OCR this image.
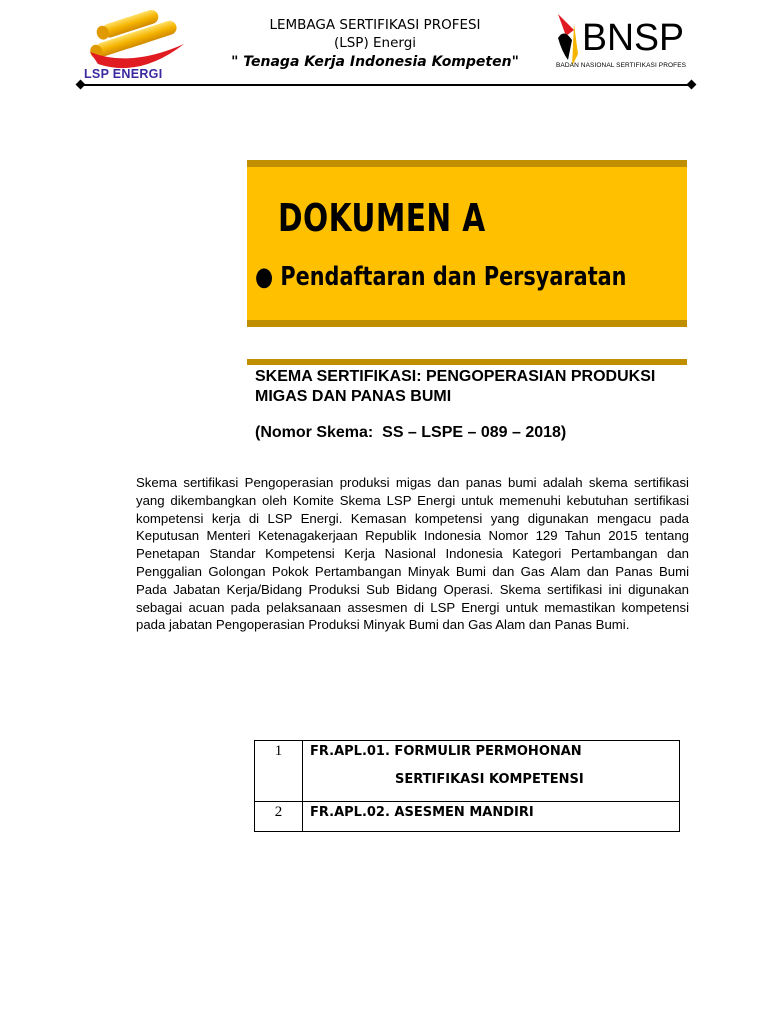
LSP ENERGI
LEMBAGA SERTIFIKASI PROFESI
(LSP) Energi
" Tenaga Kerja Indonesia Kompeten"
BNSP
BADAN NASIONAL SERTIFIKASI PROFES
DOKUMEN A
● Pendaftaran dan Persyaratan
SKEMA SERTIFIKASI: PENGOPERASIAN PRODUKSI MIGAS DAN PANAS BUMI
(Nomor Skema:  SS – LSPE – 089 – 2018)
Skema sertifikasi Pengoperasian produksi migas dan panas bumi adalah skema sertifikasi yang dikembangkan oleh Komite Skema LSP Energi untuk memenuhi kebutuhan sertifikasi kompetensi kerja di LSP Energi. Kemasan kompetensi yang digunakan mengacu pada Keputusan Menteri Ketenagakerjaan Republik Indonesia Nomor 129 Tahun 2015 tentang Penetapan Standar Kompetensi Kerja Nasional Indonesia Kategori Pertambangan dan Penggalian Golongan Pokok Pertambangan Minyak Bumi dan Gas Alam dan Panas Bumi Pada Jabatan Kerja/Bidang Produksi Sub Bidang Operasi. Skema sertifikasi ini digunakan sebagai acuan pada pelaksanaan assesmen di LSP Energi untuk memastikan kompetensi pada jabatan Pengoperasian Produksi Minyak Bumi dan Gas Alam dan Panas Bumi.
1	FR.APL.01. FORMULIR PERMOHONAN
SERTIFIKASI KOMPETENSI

2	FR.APL.02. ASESMEN MANDIRI
